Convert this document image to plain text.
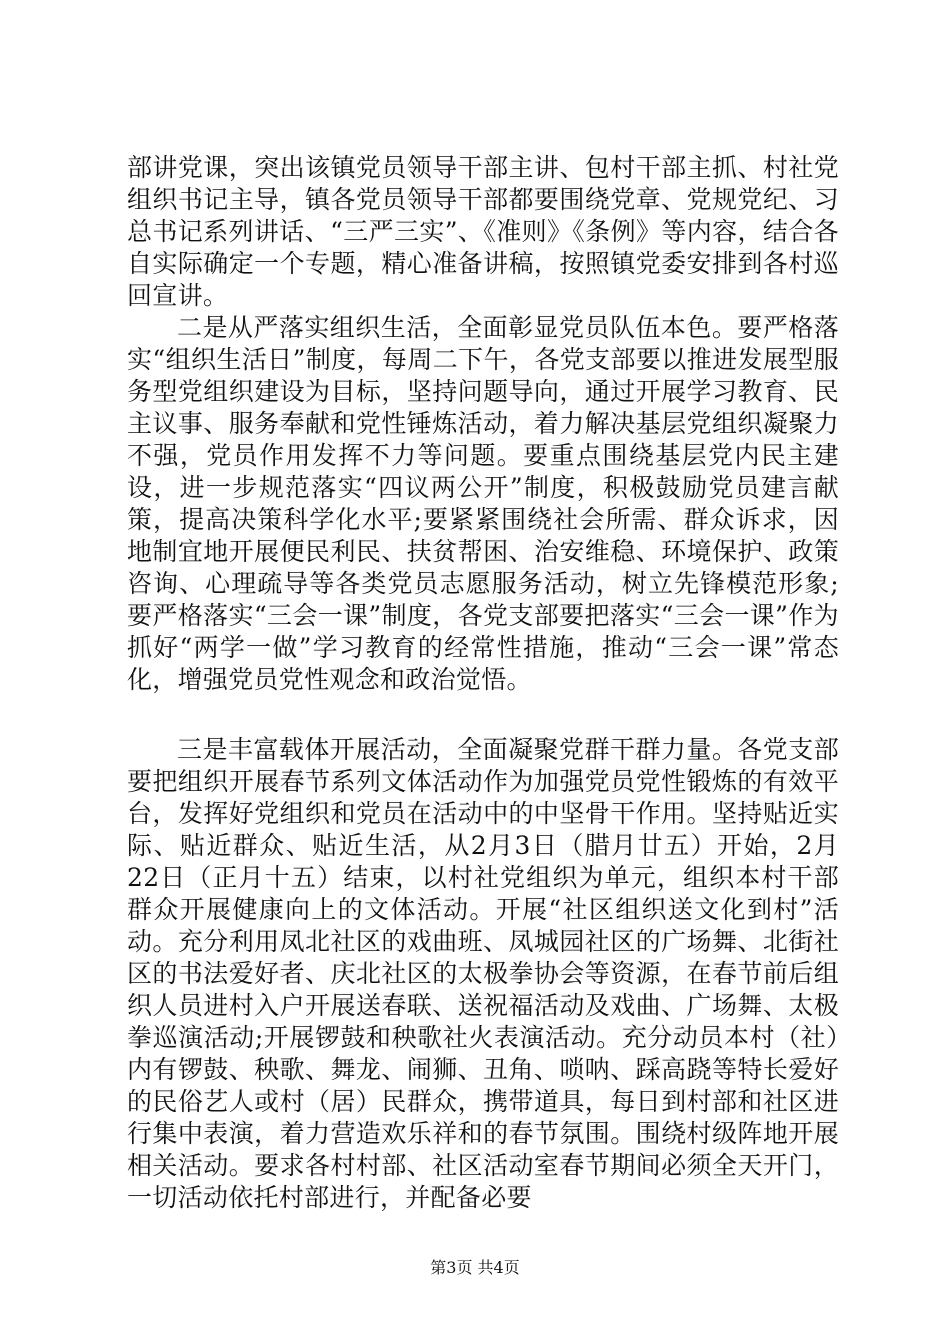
部讲党课，突出该镇党员领导干部主讲、包村干部主抓、村社党组织书记主导，镇各党员领导干部都要围绕党章、党规党纪、习总书记系列讲话、“三严三实”、《准则》《条例》等内容，结合各自实际确定一个专题，精心准备讲稿，按照镇党委安排到各村巡回宣讲。

二是从严落实组织生活，全面彰显党员队伍本色。要严格落实“组织生活日”制度，每周二下午，各党支部要以推进发展型服务型党组织建设为目标，坚持问题导向，通过开展学习教育、民主议事、服务奉献和党性锤炼活动，着力解决基层党组织凝聚力不强，党员作用发挥不力等问题。要重点围绕基层党内民主建设，进一步规范落实“四议两公开”制度，积极鼓励党员建言献策，提高决策科学化水平;要紧紧围绕社会所需、群众诉求，因地制宜地开展便民利民、扶贫帮困、治安维稳、环境保护、政策咨询、心理疏导等各类党员志愿服务活动，树立先锋模范形象;要严格落实“三会一课”制度，各党支部要把落实“三会一课”作为抓好“两学一做”学习教育的经常性措施，推动“三会一课”常态化，增强党员党性观念和政治觉悟。

三是丰富载体开展活动，全面凝聚党群干群力量。各党支部要把组织开展春节系列文体活动作为加强党员党性锻炼的有效平台，发挥好党组织和党员在活动中的中坚骨干作用。坚持贴近实际、贴近群众、贴近生活，从2月3日（腊月廿五）开始，2月22日（正月十五）结束，以村社党组织为单元，组织本村干部群众开展健康向上的文体活动。开展“社区组织送文化到村”活动。充分利用凤北社区的戏曲班、凤城园社区的广场舞、北街社区的书法爱好者、庆北社区的太极拳协会等资源，在春节前后组织人员进村入户开展送春联、送祝福活动及戏曲、广场舞、太极拳巡演活动;开展锣鼓和秧歌社火表演活动。充分动员本村（社）内有锣鼓、秧歌、舞龙、闹狮、丑角、唢呐、踩高跷等特长爱好的民俗艺人或村（居）民群众，携带道具，每日到村部和社区进行集中表演，着力营造欢乐祥和的春节氛围。围绕村级阵地开展相关活动。要求各村村部、社区活动室春节期间必须全天开门，一切活动依托村部进行，并配备必要

第3页 共4页
